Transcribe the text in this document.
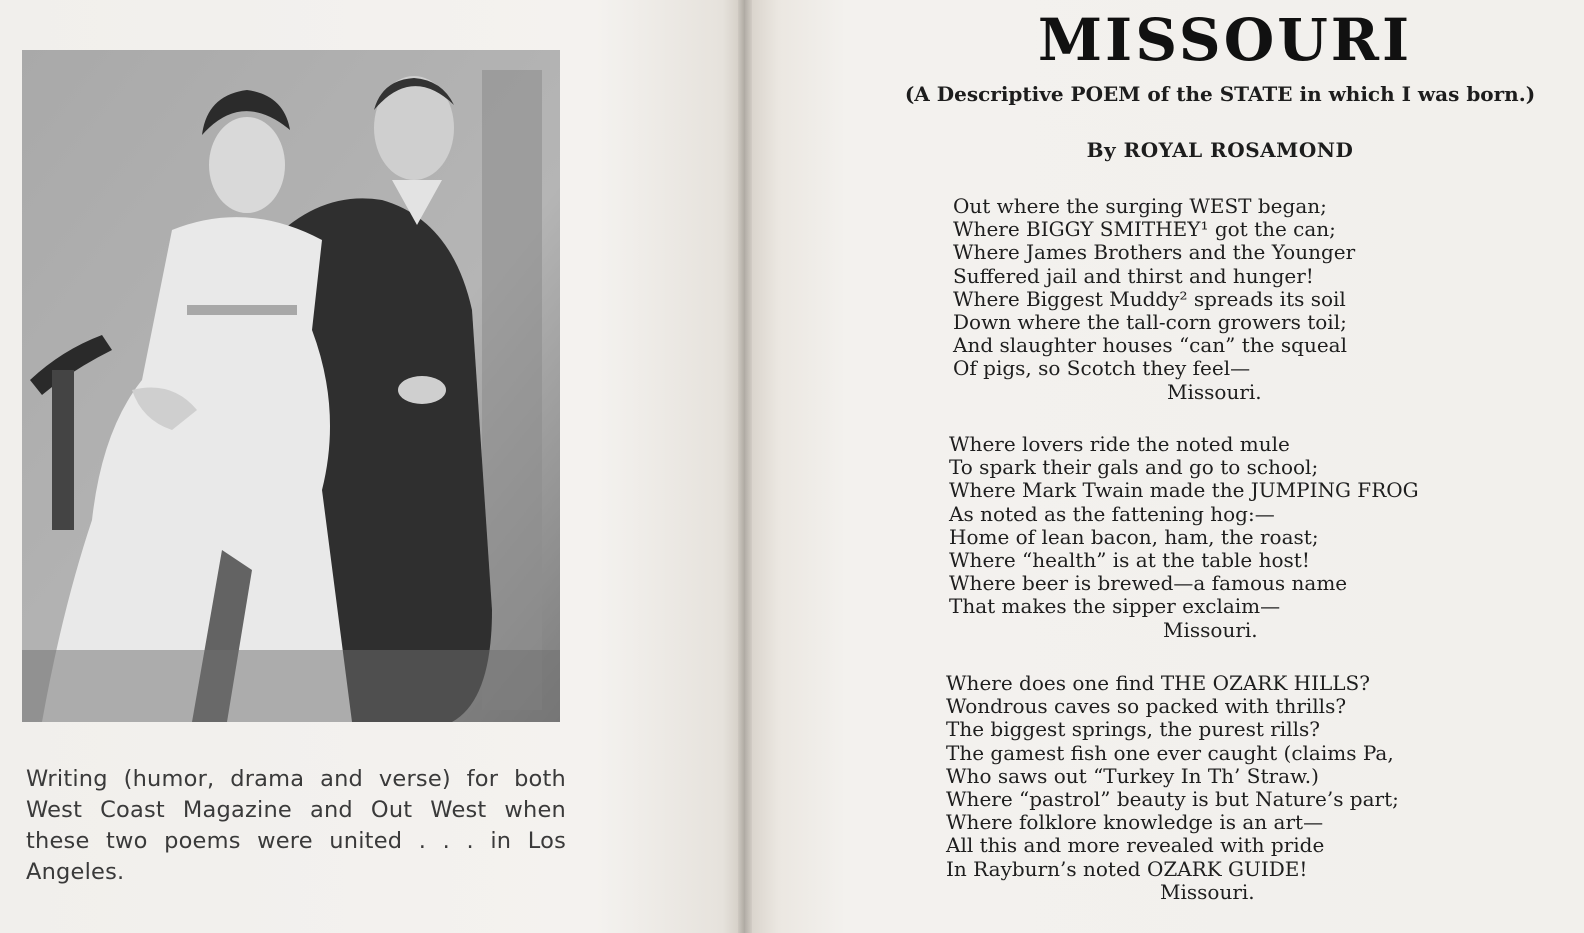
Writing (humor, drama and verse) for both West Coast Magazine and Out West when these two poems were united . . . in Los Angeles.
MISSOURI
(A Descriptive POEM of the STATE in which I was born.)
By ROYAL ROSAMOND
Out where the surging WEST began;
Where BIGGY SMITHEY¹ got the can;
Where James Brothers and the Younger
Suffered jail and thirst and hunger!
Where Biggest Muddy² spreads its soil
Down where the tall-corn growers toil;
And slaughter houses “can” the squeal
Of pigs, so Scotch they feel—
Missouri.
Where lovers ride the noted mule
To spark their gals and go to school;
Where Mark Twain made the JUMPING FROG
As noted as the fattening hog:—
Home of lean bacon, ham, the roast;
Where “health” is at the table host!
Where beer is brewed—a famous name
That makes the sipper exclaim—
Missouri.
Where does one find THE OZARK HILLS?
Wondrous caves so packed with thrills?
The biggest springs, the purest rills?
The gamest fish one ever caught (claims Pa,
Who saws out “Turkey In Th’ Straw.)
Where “pastrol” beauty is but Nature’s part;
Where folklore knowledge is an art—
All this and more revealed with pride
In Rayburn’s noted OZARK GUIDE!
Missouri.
